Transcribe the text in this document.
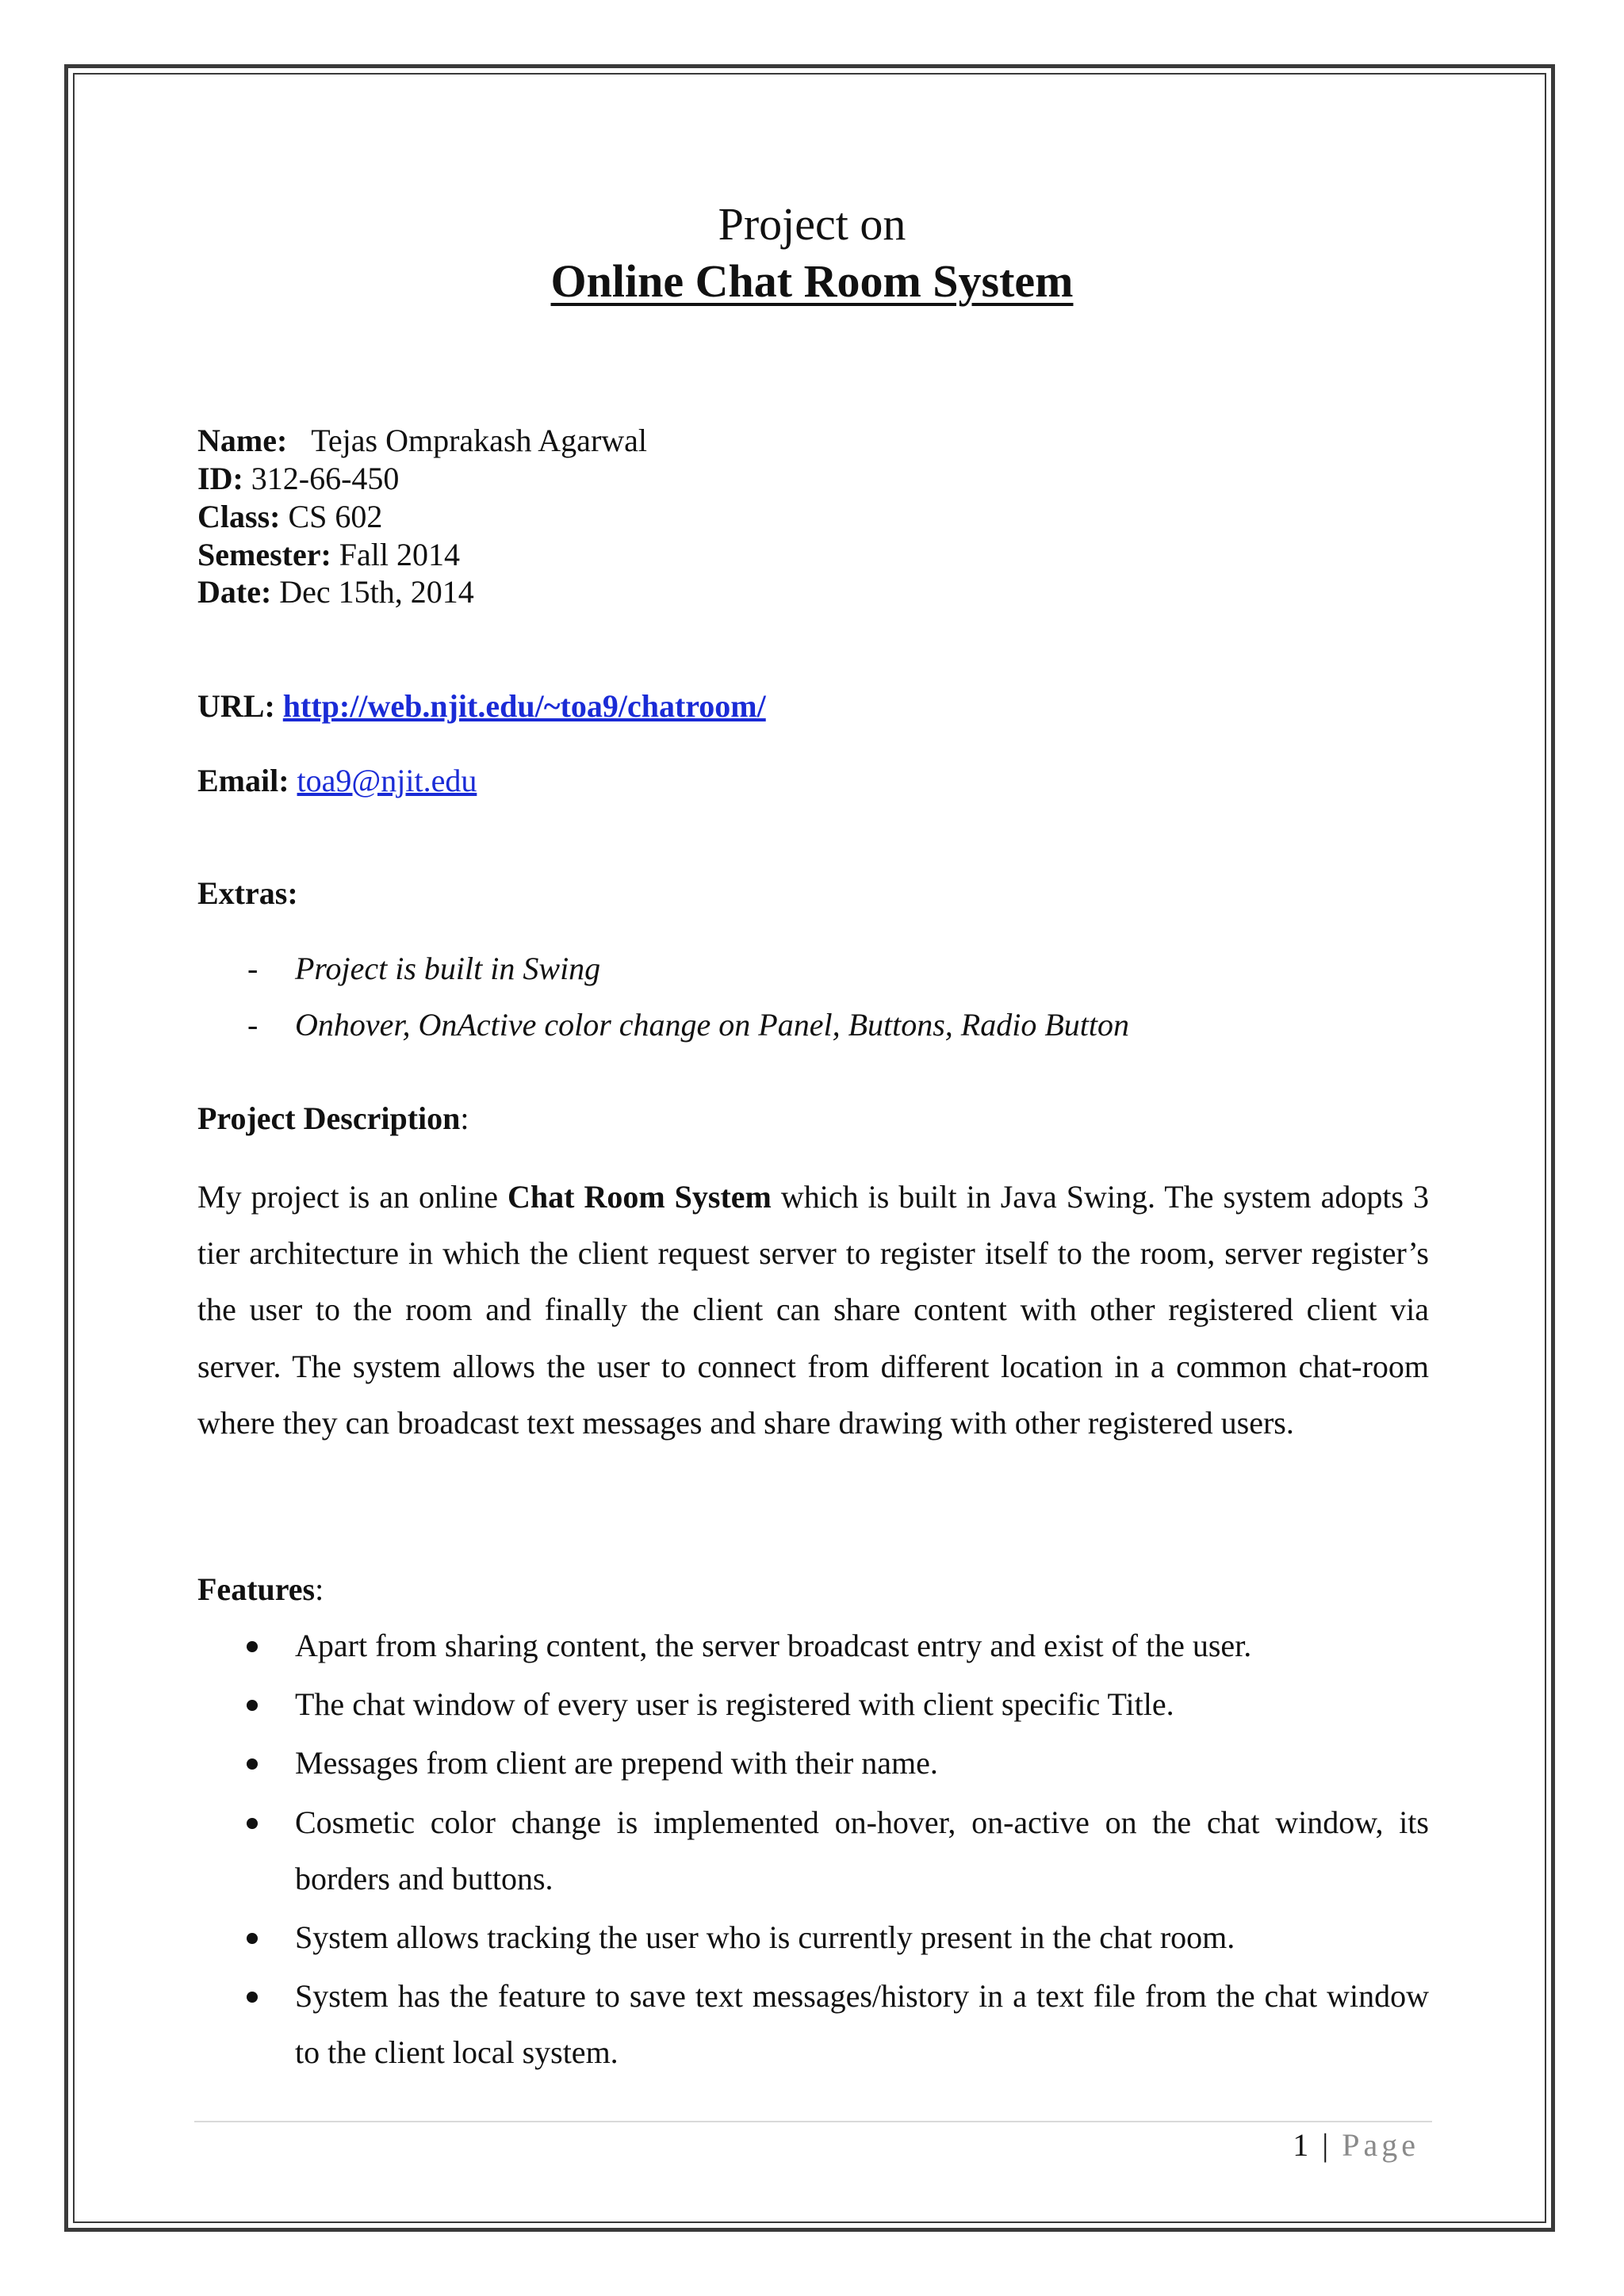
Project on
Online Chat Room System
Name: Tejas Omprakash Agarwal
ID: 312-66-450
Class: CS 602
Semester: Fall 2014
Date: Dec 15th, 2014
URL: http://web.njit.edu/~toa9/chatroom/
Email: toa9@njit.edu
Extras:
- Project is built in Swing
- Onhover, OnActive color change on Panel, Buttons, Radio Button
Project Description:
My project is an online Chat Room System which is built in Java Swing. The system adopts 3 tier architecture in which the client request server to register itself to the room, server register’s the user to the room and finally the client can share content with other registered client via server. The system allows the user to connect from different location in a common chat-room where they can broadcast text messages and share drawing with other registered users.
Features:
Apart from sharing content, the server broadcast entry and exist of the user.
The chat window of every user is registered with client specific Title.
Messages from client are prepend with their name.
Cosmetic color change is implemented on-hover, on-active on the chat window, its borders and buttons.
System allows tracking the user who is currently present in the chat room.
System has the feature to save text messages/history in a text file from the chat window to the client local system.
1 | Page
